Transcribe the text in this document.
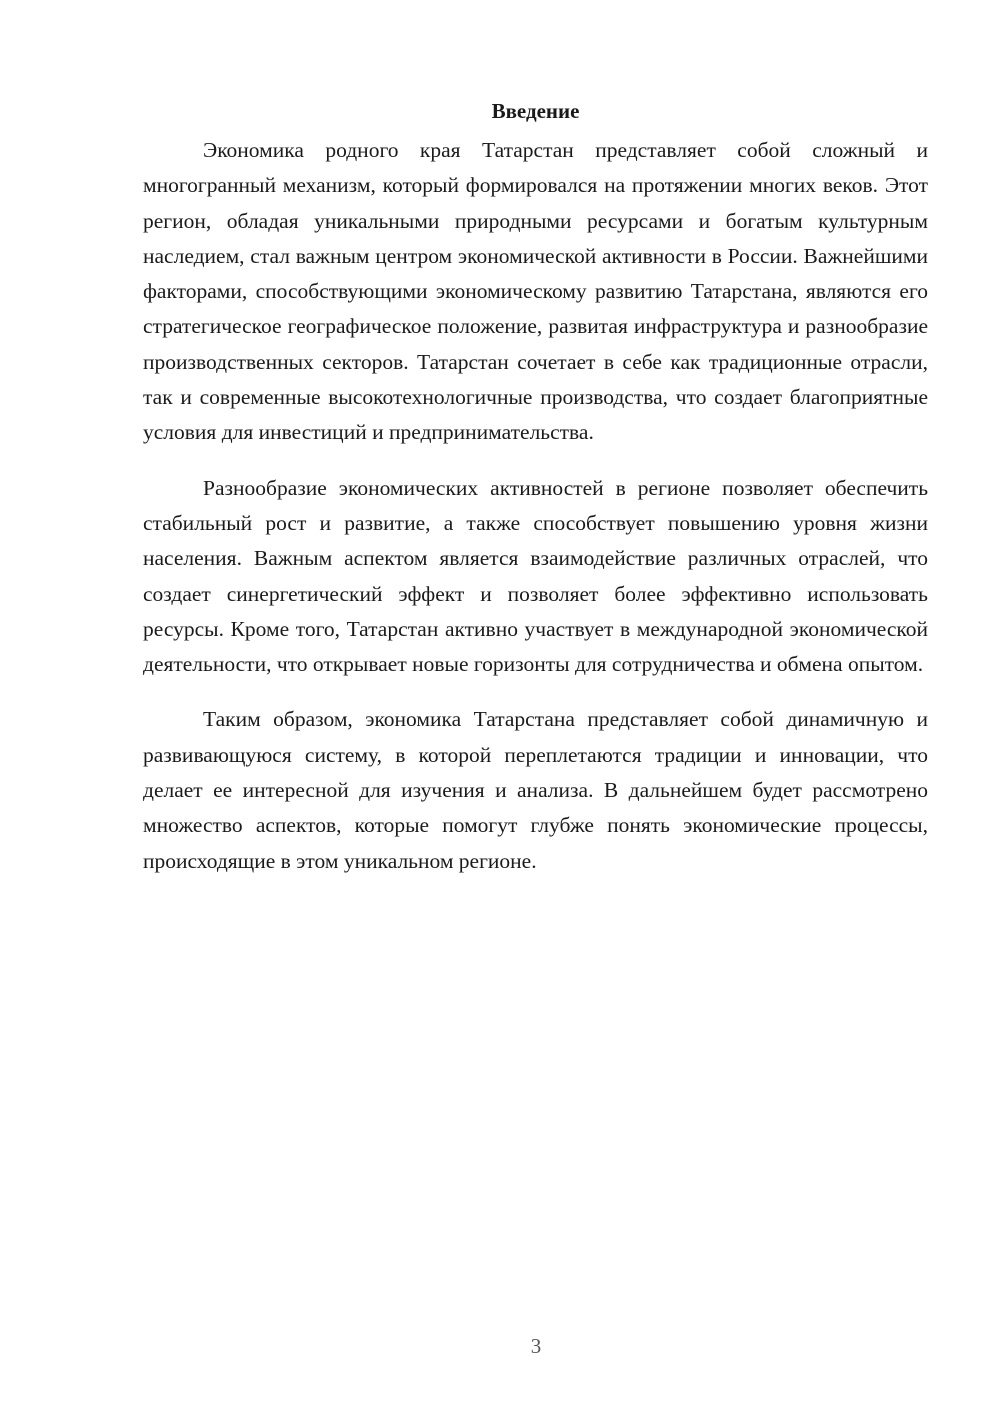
Введение

Экономика родного края Татарстан представляет собой сложный и многогранный механизм, который формировался на протяжении многих веков. Этот регион, обладая уникальными природными ресурсами и богатым культурным наследием, стал важным центром экономической активности в России. Важнейшими факторами, способствующими экономическому развитию Татарстана, являются его стратегическое географическое положение, развитая инфраструктура и разнообразие производственных секторов. Татарстан сочетает в себе как традиционные отрасли, так и современные высокотехнологичные производства, что создает благоприятные условия для инвестиций и предпринимательства.

Разнообразие экономических активностей в регионе позволяет обеспечить стабильный рост и развитие, а также способствует повышению уровня жизни населения. Важным аспектом является взаимодействие различных отраслей, что создает синергетический эффект и позволяет более эффективно использовать ресурсы. Кроме того, Татарстан активно участвует в международной экономической деятельности, что открывает новые горизонты для сотрудничества и обмена опытом.

Таким образом, экономика Татарстана представляет собой динамичную и развивающуюся систему, в которой переплетаются традиции и инновации, что делает ее интересной для изучения и анализа. В дальнейшем будет рассмотрено множество аспектов, которые помогут глубже понять экономические процессы, происходящие в этом уникальном регионе.

3
